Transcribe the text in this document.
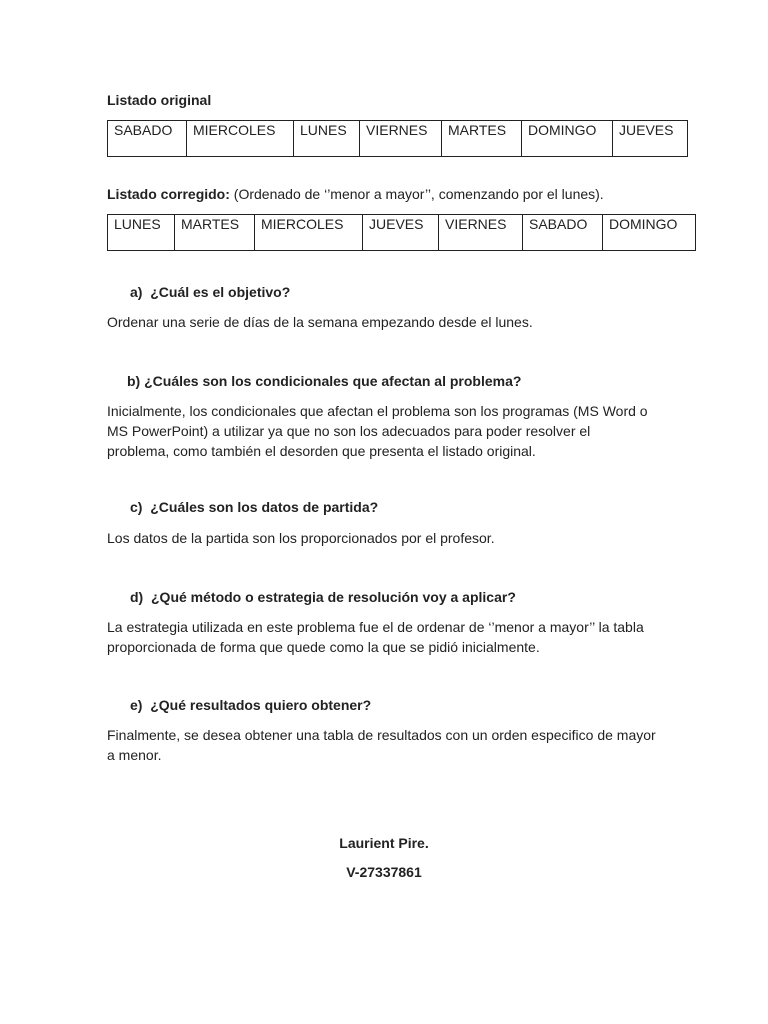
Listado original
SABADO	MIERCOLES	LUNES	VIERNES	MARTES	DOMINGO	JUEVES
Listado corregido: (Ordenado de ‘’menor a mayor’’, comenzando por el lunes).
LUNES	MARTES	MIERCOLES	JUEVES	VIERNES	SABADO	DOMINGO
a) ¿Cuál es el objetivo?
Ordenar una serie de días de la semana empezando desde el lunes.
b) ¿Cuáles son los condicionales que afectan al problema?
Inicialmente, los condicionales que afectan el problema son los programas (MS Word o MS PowerPoint) a utilizar ya que no son los adecuados para poder resolver el problema, como también el desorden que presenta el listado original.
c) ¿Cuáles son los datos de partida?
Los datos de la partida son los proporcionados por el profesor.
d) ¿Qué método o estrategia de resolución voy a aplicar?
La estrategia utilizada en este problema fue el de ordenar de ‘’menor a mayor’’ la tabla proporcionada de forma que quede como la que se pidió inicialmente.
e) ¿Qué resultados quiero obtener?
Finalmente, se desea obtener una tabla de resultados con un orden especifico de mayor a menor.
Laurient Pire.
V-27337861
